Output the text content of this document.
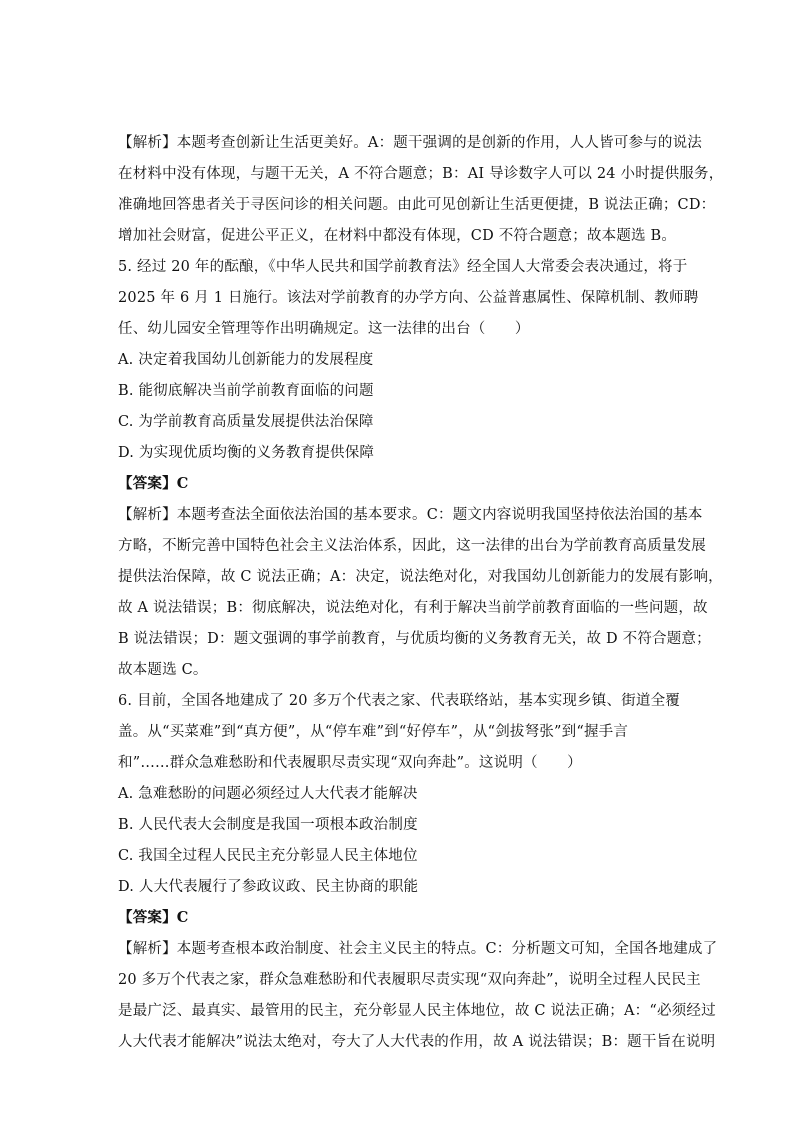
【解析】本题考查创新让生活更美好。A：题干强调的是创新的作用，人人皆可参与的说法
在材料中没有体现，与题干无关，A 不符合题意；B：AI 导诊数字人可以 24 小时提供服务，
准确地回答患者关于寻医问诊的相关问题。由此可见创新让生活更便捷，B 说法正确；CD：
增加社会财富，促进公平正义，在材料中都没有体现，CD 不符合题意；故本题选 B。
5. 经过 20 年的酝酿，《中华人民共和国学前教育法》经全国人大常委会表决通过，将于
2025 年 6 月 1 日施行。该法对学前教育的办学方向、公益普惠属性、保障机制、教师聘
任、幼儿园安全管理等作出明确规定。这一法律的出台（　　）
A. 决定着我国幼儿创新能力的发展程度
B. 能彻底解决当前学前教育面临的问题
C. 为学前教育高质量发展提供法治保障
D. 为实现优质均衡的义务教育提供保障
【答案】C
【解析】本题考查法全面依法治国的基本要求。C：题文内容说明我国坚持依法治国的基本
方略，不断完善中国特色社会主义法治体系，因此，这一法律的出台为学前教育高质量发展
提供法治保障，故 C 说法正确；A：决定，说法绝对化，对我国幼儿创新能力的发展有影响，
故 A 说法错误；B：彻底解决，说法绝对化，有利于解决当前学前教育面临的一些问题，故
B 说法错误；D：题文强调的事学前教育，与优质均衡的义务教育无关，故 D 不符合题意；
故本题选 C。
6. 目前，全国各地建成了 20 多万个代表之家、代表联络站，基本实现乡镇、街道全覆
盖。从“买菜难”到“真方便”，从“停车难”到“好停车”，从“剑拔弩张”到“握手言
和”……群众急难愁盼和代表履职尽责实现“双向奔赴”。这说明（　　）
A. 急难愁盼的问题必须经过人大代表才能解决
B. 人民代表大会制度是我国一项根本政治制度
C. 我国全过程人民民主充分彰显人民主体地位
D. 人大代表履行了参政议政、民主协商的职能
【答案】C
【解析】本题考查根本政治制度、社会主义民主的特点。C：分析题文可知，全国各地建成了
20 多万个代表之家，群众急难愁盼和代表履职尽责实现“双向奔赴”，说明全过程人民民主
是最广泛、最真实、最管用的民主，充分彰显人民主体地位，故 C 说法正确；A：“必须经过
人大代表才能解决”说法太绝对，夸大了人大代表的作用，故 A 说法错误；B：题干旨在说明
